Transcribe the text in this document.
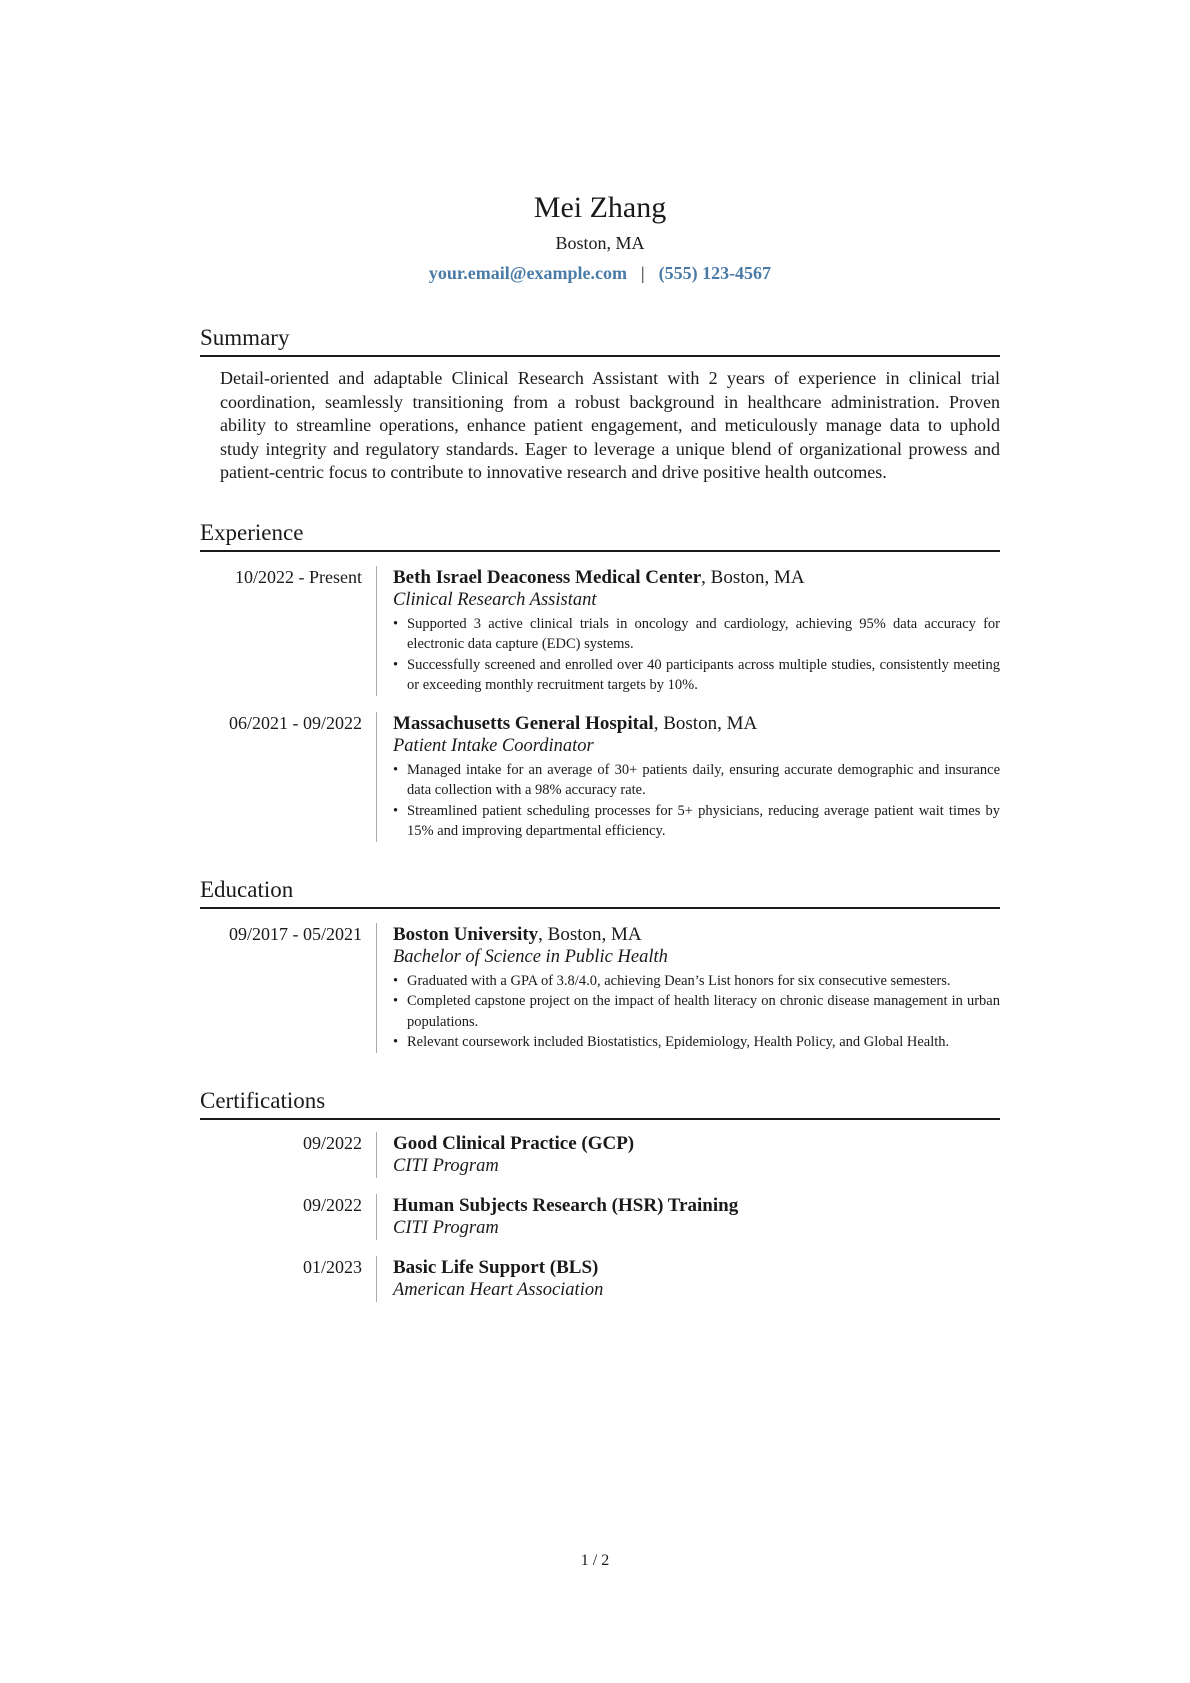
Mei Zhang
Boston, MA
your.email@example.com | (555) 123-4567
Summary

Detail-oriented and adaptable Clinical Research Assistant with 2 years of experience in clinical trial coordination, seamlessly transitioning from a robust background in healthcare administration. Proven ability to streamline operations, enhance patient engagement, and meticulously manage data to uphold study integrity and regulatory standards. Eager to leverage a unique blend of organizational prowess and patient-centric focus to contribute to innovative research and drive positive health outcomes.

Experience
10/2022 - Present	Beth Israel Deaconess Medical Center, Boston, MA
Clinical Research Assistant
• Supported 3 active clinical trials in oncology and cardiology, achieving 95% data accuracy for electronic data capture (EDC) systems.
• Successfully screened and enrolled over 40 participants across multiple studies, consistently meeting or exceeding monthly recruitment targets by 10%.
06/2021 - 09/2022	Massachusetts General Hospital, Boston, MA
Patient Intake Coordinator
• Managed intake for an average of 30+ patients daily, ensuring accurate demographic and insurance data collection with a 98% accuracy rate.
• Streamlined patient scheduling processes for 5+ physicians, reducing average patient wait times by 15% and improving departmental efficiency.
Education
09/2017 - 05/2021	Boston University, Boston, MA
Bachelor of Science in Public Health
• Graduated with a GPA of 3.8/4.0, achieving Dean’s List honors for six consecutive semesters.
• Completed capstone project on the impact of health literacy on chronic disease management in urban populations.
• Relevant coursework included Biostatistics, Epidemiology, Health Policy, and Global Health.
Certifications
09/2022	Good Clinical Practice (GCP)
CITI Program
09/2022	Human Subjects Research (HSR) Training
CITI Program
01/2023	Basic Life Support (BLS)
American Heart Association
1 / 2
